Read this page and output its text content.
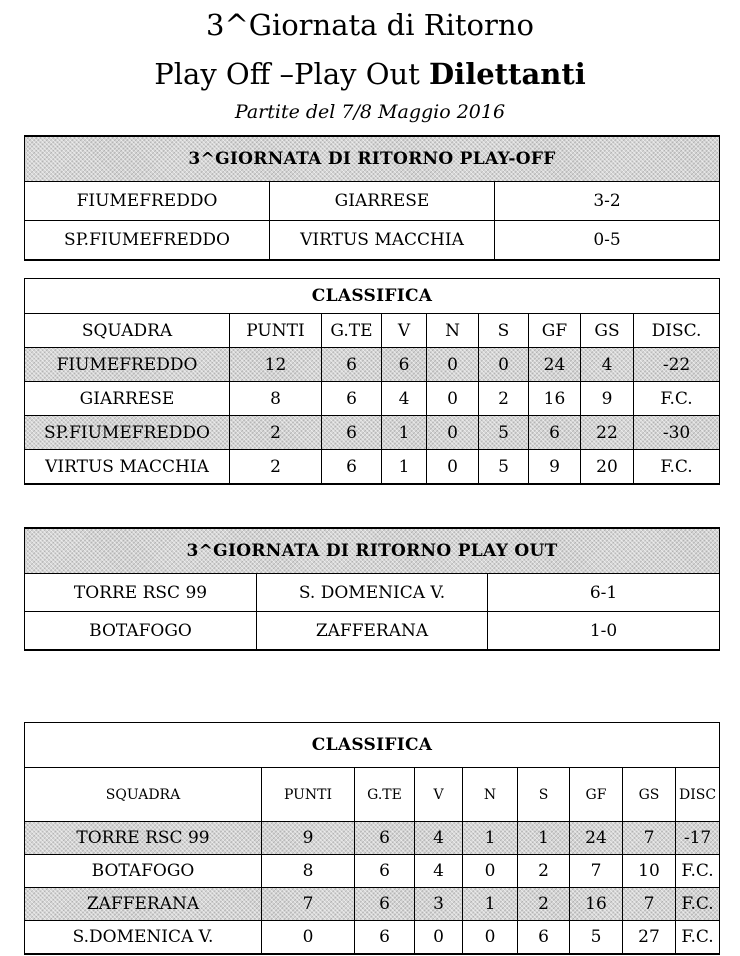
3^Giornata di Ritorno
Play Off –Play Out Dilettanti
Partite del 7/8 Maggio 2016
3^GIORNATA DI RITORNO PLAY-OFF		
FIUMEFREDDO	GIARRESE	3-2
SP.FIUMEFREDDO	VIRTUS MACCHIA	0-5
CLASSIFICA								
SQUADRA	PUNTI	G.TE	V	N	S	GF	GS	DISC.
FIUMEFREDDO	12	6	6	0	0	24	4	-22
GIARRESE	8	6	4	0	2	16	9	F.C.
SP.FIUMEFREDDO	2	6	1	0	5	6	22	-30
VIRTUS MACCHIA	2	6	1	0	5	9	20	F.C.
3^GIORNATA DI RITORNO PLAY OUT		
TORRE RSC 99	S. DOMENICA V.	6-1
BOTAFOGO	ZAFFERANA	1-0
CLASSIFICA								
SQUADRA	PUNTI	G.TE	V	N	S	GF	GS	DISC
TORRE RSC 99	9	6	4	1	1	24	7	-17
BOTAFOGO	8	6	4	0	2	7	10	F.C.
ZAFFERANA	7	6	3	1	2	16	7	F.C.
S.DOMENICA V.	0	6	0	0	6	5	27	F.C.
